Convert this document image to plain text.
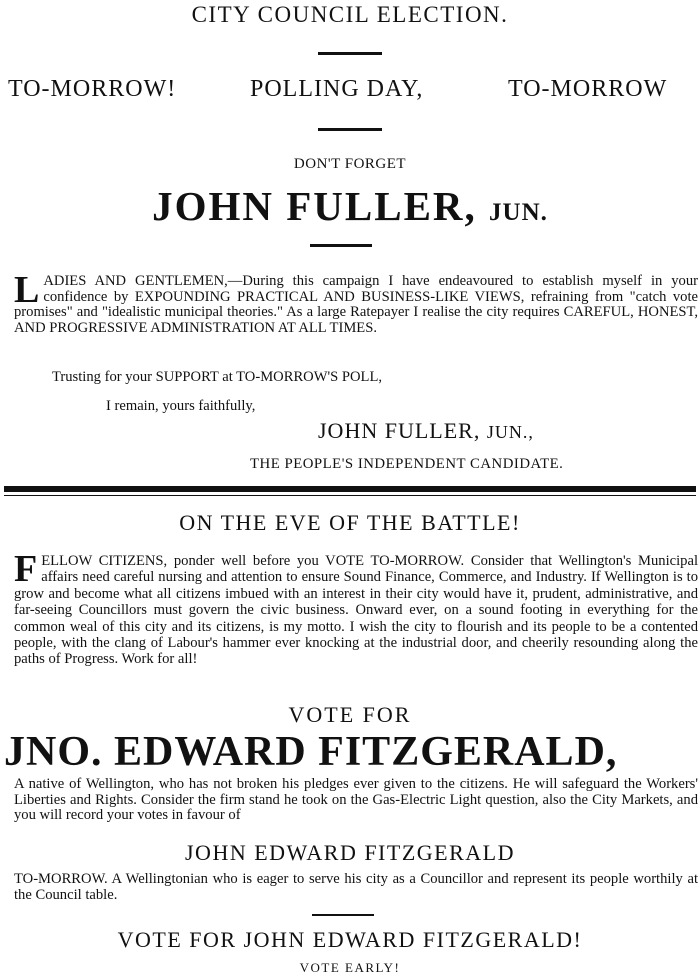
CITY COUNCIL ELECTION.
TO-MORROW!	POLLING DAY,	TO-MORROW
DON'T FORGET
JOHN FULLER, JUN.
LADIES AND GENTLEMEN,—During this campaign I have endeavoured to establish myself in your confidence by EXPOUNDING PRACTICAL AND BUSINESS-LIKE VIEWS, refraining from "catch vote promises" and "idealistic municipal theories." As a large Ratepayer I realise the city requires CAREFUL, HONEST, AND PROGRESSIVE ADMINISTRATION AT ALL TIMES.
Trusting for your SUPPORT at TO-MORROW'S POLL,
I remain, yours faithfully,
JOHN FULLER, JUN.,
THE PEOPLE'S INDEPENDENT CANDIDATE.
ON THE EVE OF THE BATTLE!
FELLOW CITIZENS, ponder well before you VOTE TO-MORROW. Consider that Wellington's Municipal affairs need careful nursing and attention to ensure Sound Finance, Commerce, and Industry. If Wellington is to grow and become what all citizens imbued with an interest in their city would have it, prudent, administrative, and far-seeing Councillors must govern the civic business. Onward ever, on a sound footing in everything for the common weal of this city and its citizens, is my motto. I wish the city to flourish and its people to be a contented people, with the clang of Labour's hammer ever knocking at the industrial door, and cheerily resounding along the paths of Progress. Work for all!
VOTE FOR
JNO. EDWARD FITZGERALD,
A native of Wellington, who has not broken his pledges ever given to the citizens. He will safeguard the Workers' Liberties and Rights. Consider the firm stand he took on the Gas-Electric Light question, also the City Markets, and you will record your votes in favour of
JOHN EDWARD FITZGERALD
TO-MORROW. A Wellingtonian who is eager to serve his city as a Councillor and represent its people worthily at the Council table.
VOTE FOR JOHN EDWARD FITZGERALD!
VOTE EARLY!
